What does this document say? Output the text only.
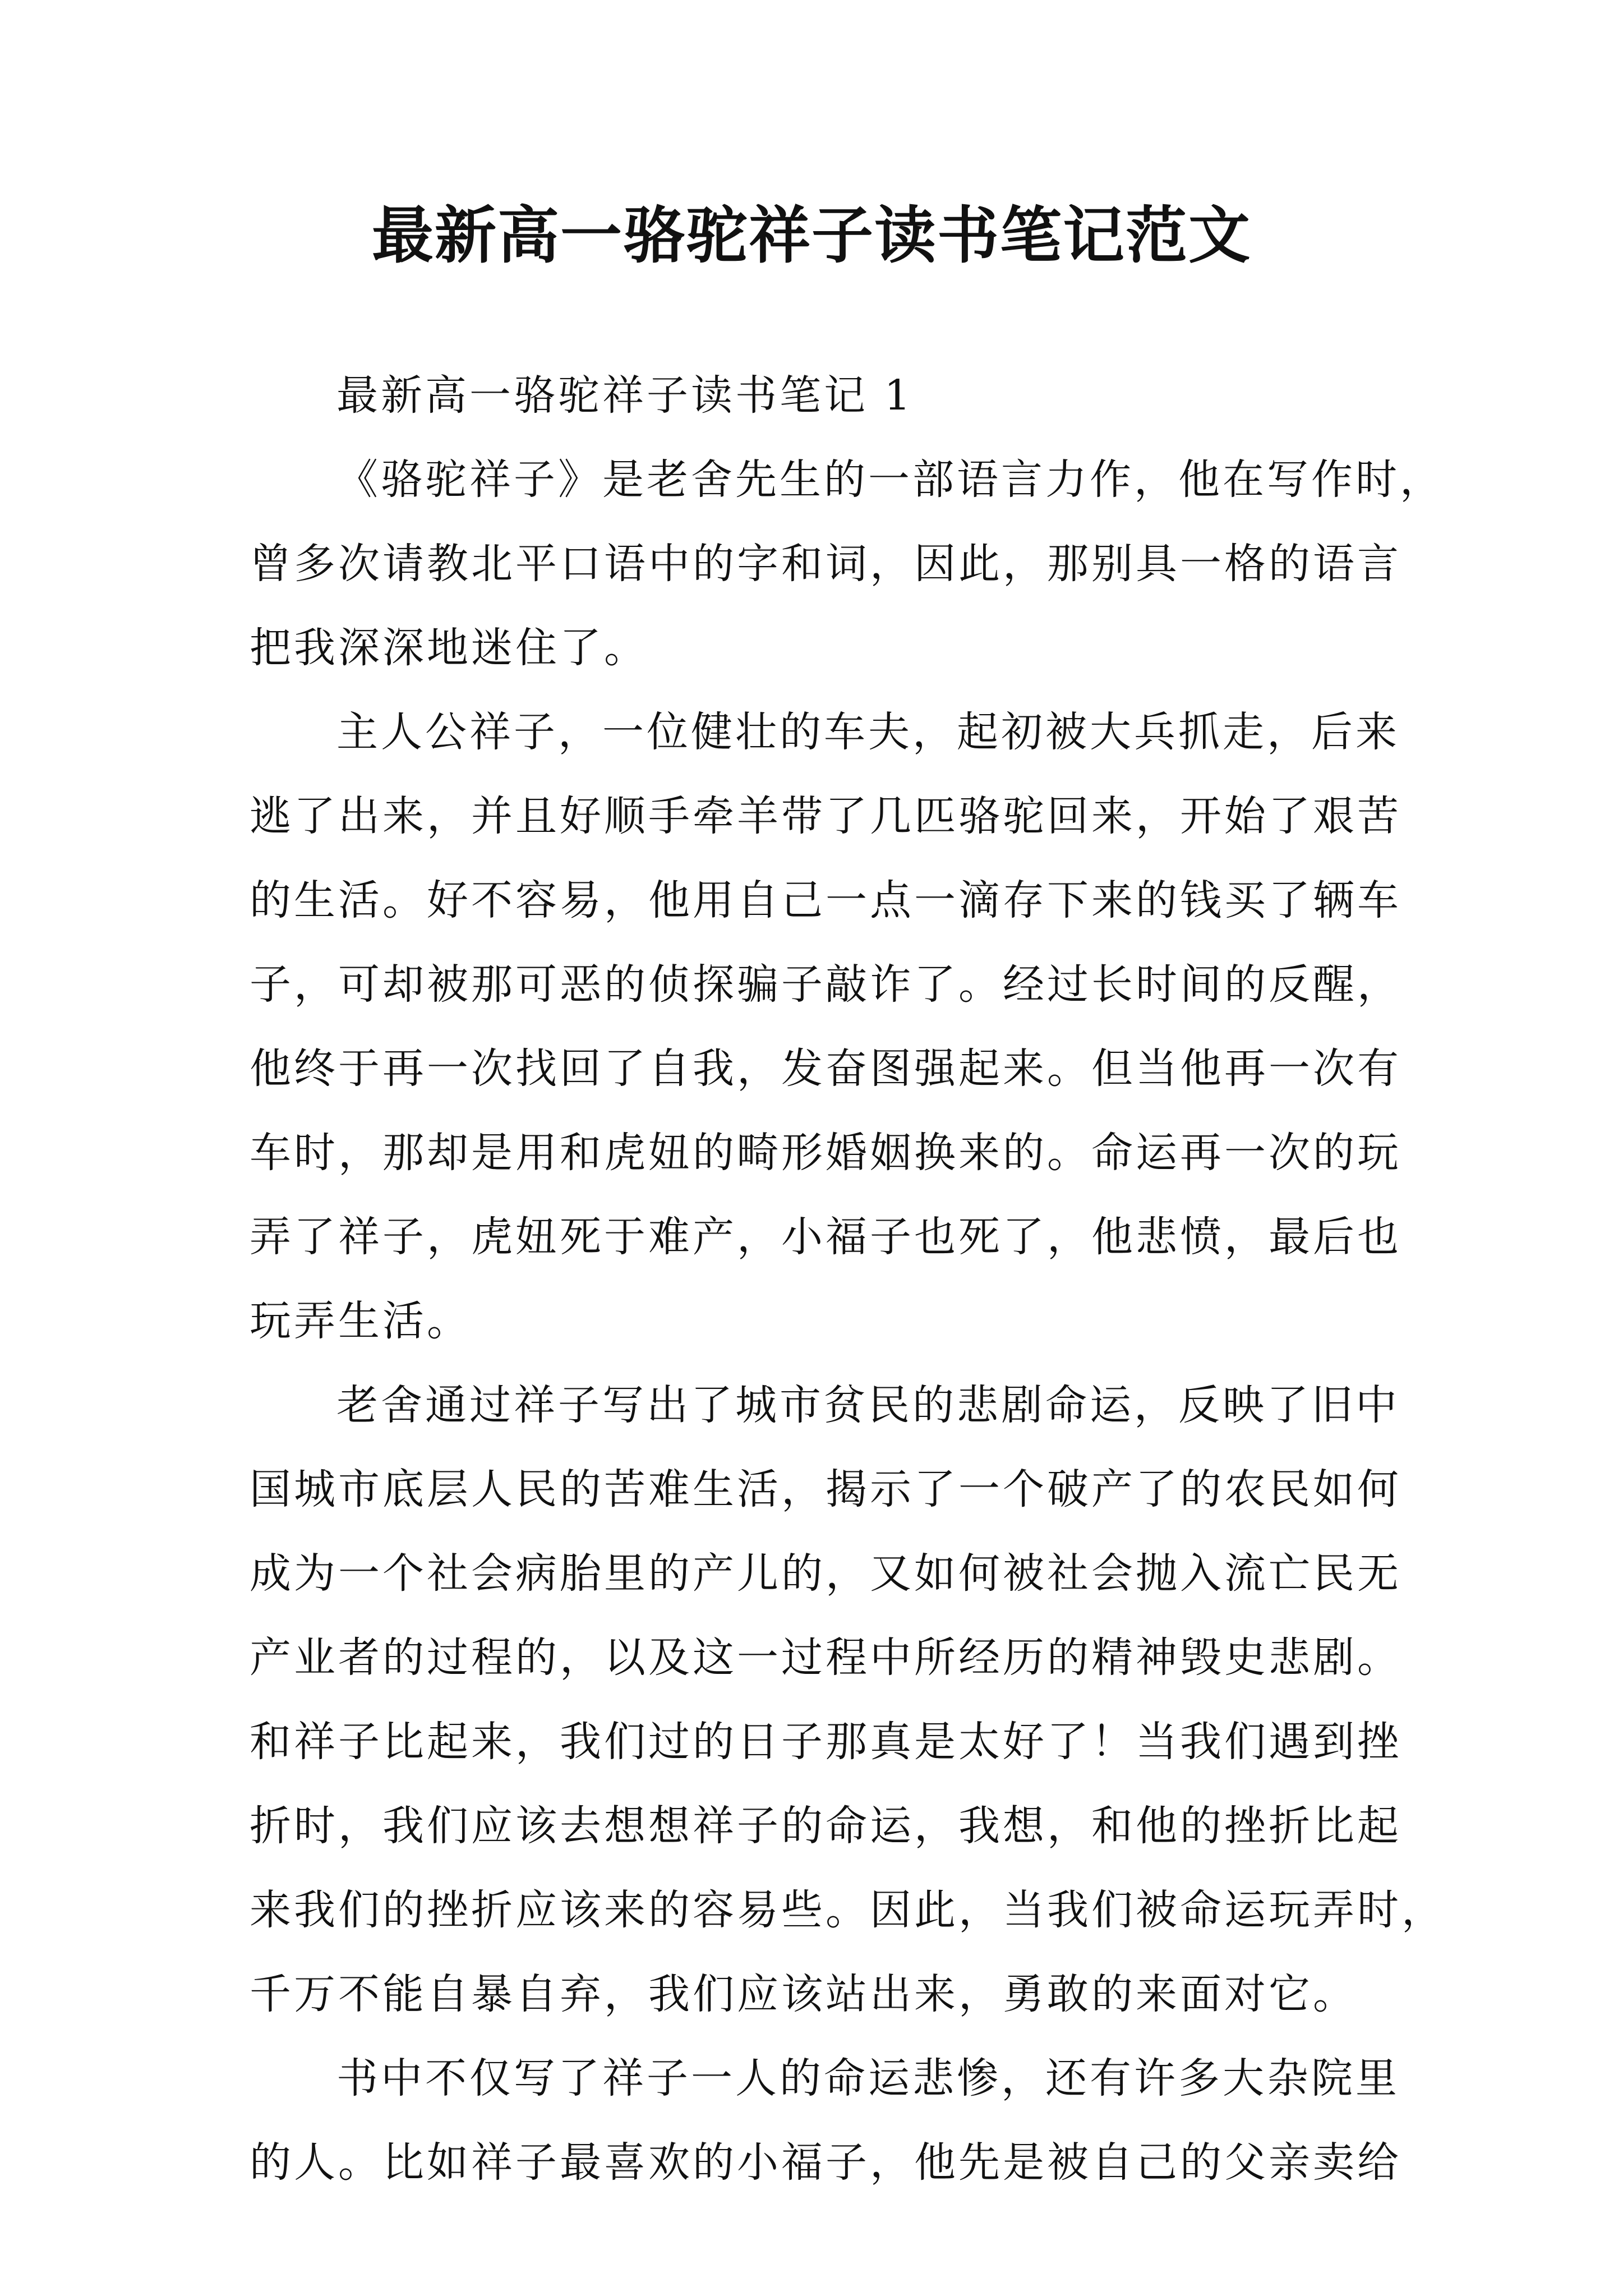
最新高一骆驼祥子读书笔记范文
最新高一骆驼祥子读书笔记 1
《骆驼祥子》是老舍先生的一部语言力作，他在写作时，
曾多次请教北平口语中的字和词，因此，那别具一格的语言
把我深深地迷住了。
主人公祥子，一位健壮的车夫，起初被大兵抓走，后来
逃了出来，并且好顺手牵羊带了几匹骆驼回来，开始了艰苦
的生活。好不容易，他用自己一点一滴存下来的钱买了辆车
子，可却被那可恶的侦探骗子敲诈了。经过长时间的反醒，
他终于再一次找回了自我，发奋图强起来。但当他再一次有
车时，那却是用和虎妞的畸形婚姻换来的。命运再一次的玩
弄了祥子，虎妞死于难产，小福子也死了，他悲愤，最后也
玩弄生活。
老舍通过祥子写出了城市贫民的悲剧命运，反映了旧中
国城市底层人民的苦难生活，揭示了一个破产了的农民如何
成为一个社会病胎里的产儿的，又如何被社会抛入流亡民无
产业者的过程的，以及这一过程中所经历的精神毁史悲剧。
和祥子比起来，我们过的日子那真是太好了！当我们遇到挫
折时，我们应该去想想祥子的命运，我想，和他的挫折比起
来我们的挫折应该来的容易些。因此，当我们被命运玩弄时，
千万不能自暴自弃，我们应该站出来，勇敢的来面对它。
书中不仅写了祥子一人的命运悲惨，还有许多大杂院里
的人。比如祥子最喜欢的小福子，他先是被自己的父亲卖给
